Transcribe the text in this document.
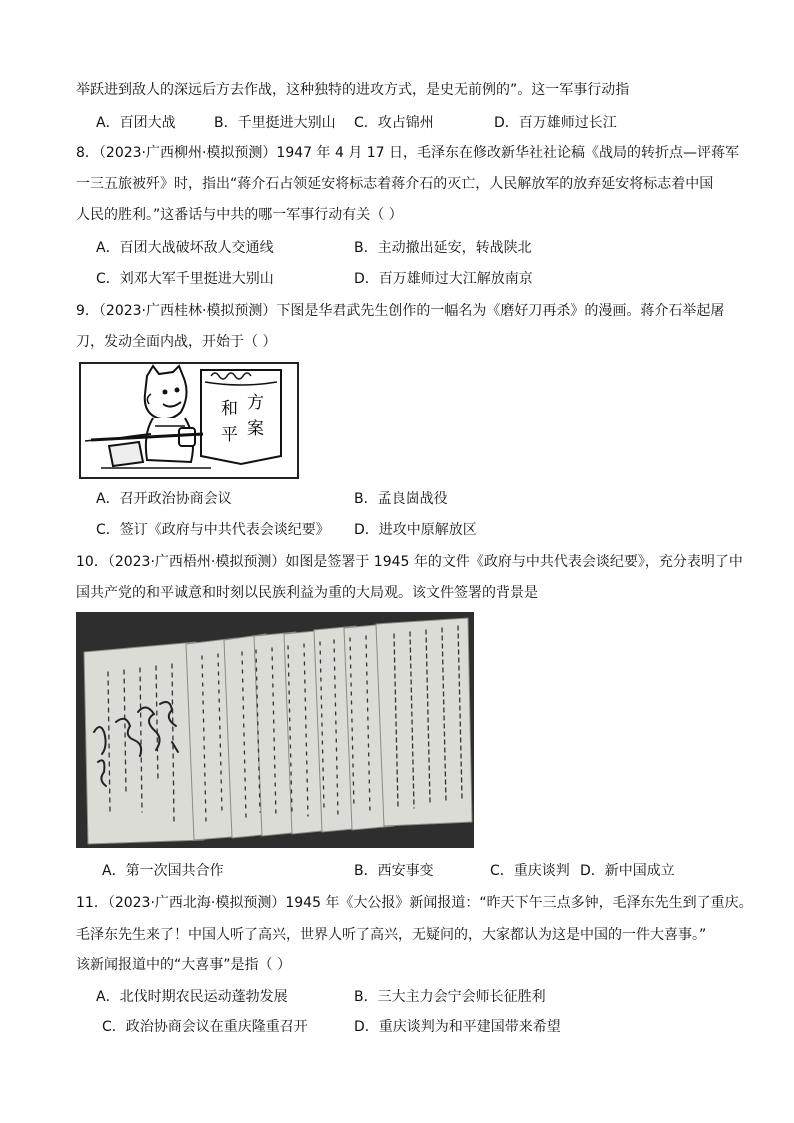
举跃进到敌人的深远后方去作战，这种独特的进攻方式，是史无前例的”。这一军事行动指
A．百团大战	B．千里挺进大别山 C．攻占锦州	D．百万雄师过长江
8．（2023·广西柳州·模拟预测）1947 年 4 月 17 日，毛泽东在修改新华社社论稿《战局的转折点—评蒋军
一三五旅被歼》时，指出“蒋介石占领延安将标志着蒋介石的灭亡，人民解放军的放弃延安将标志着中国
人民的胜利。”这番话与中共的哪一军事行动有关（ ）
A．百团大战破坏敌人交通线	B．主动撤出延安，转战陕北
C．刘邓大军千里挺进大别山	D．百万雄师过大江解放南京
9．（2023·广西桂林·模拟预测）下图是华君武先生创作的一幅名为《磨好刀再杀》的漫画。蒋介石举起屠
刀，发动全面内战，开始于（ ）
和 方
平 案
A．召开政治协商会议	B．孟良崮战役
C．签订《政府与中共代表会谈纪要》 D．进攻中原解放区
10．（2023·广西梧州·模拟预测）如图是签署于 1945 年的文件《政府与中共代表会谈纪要》，充分表明了中
国共产党的和平诚意和时刻以民族利益为重的大局观。该文件签署的背景是
A．第一次国共合作	B．西安事变	C．重庆谈判 D．新中国成立
11．（2023·广西北海·模拟预测）1945 年《大公报》新闻报道：“昨天下午三点多钟，毛泽东先生到了重庆。
毛泽东先生来了！中国人听了高兴，世界人听了高兴，无疑问的，大家都认为这是中国的一件大喜事。”
该新闻报道中的“大喜事”是指（ ）
A．北伐时期农民运动蓬勃发展	B．三大主力会宁会师长征胜利
C．政治协商会议在重庆隆重召开	D．重庆谈判为和平建国带来希望
